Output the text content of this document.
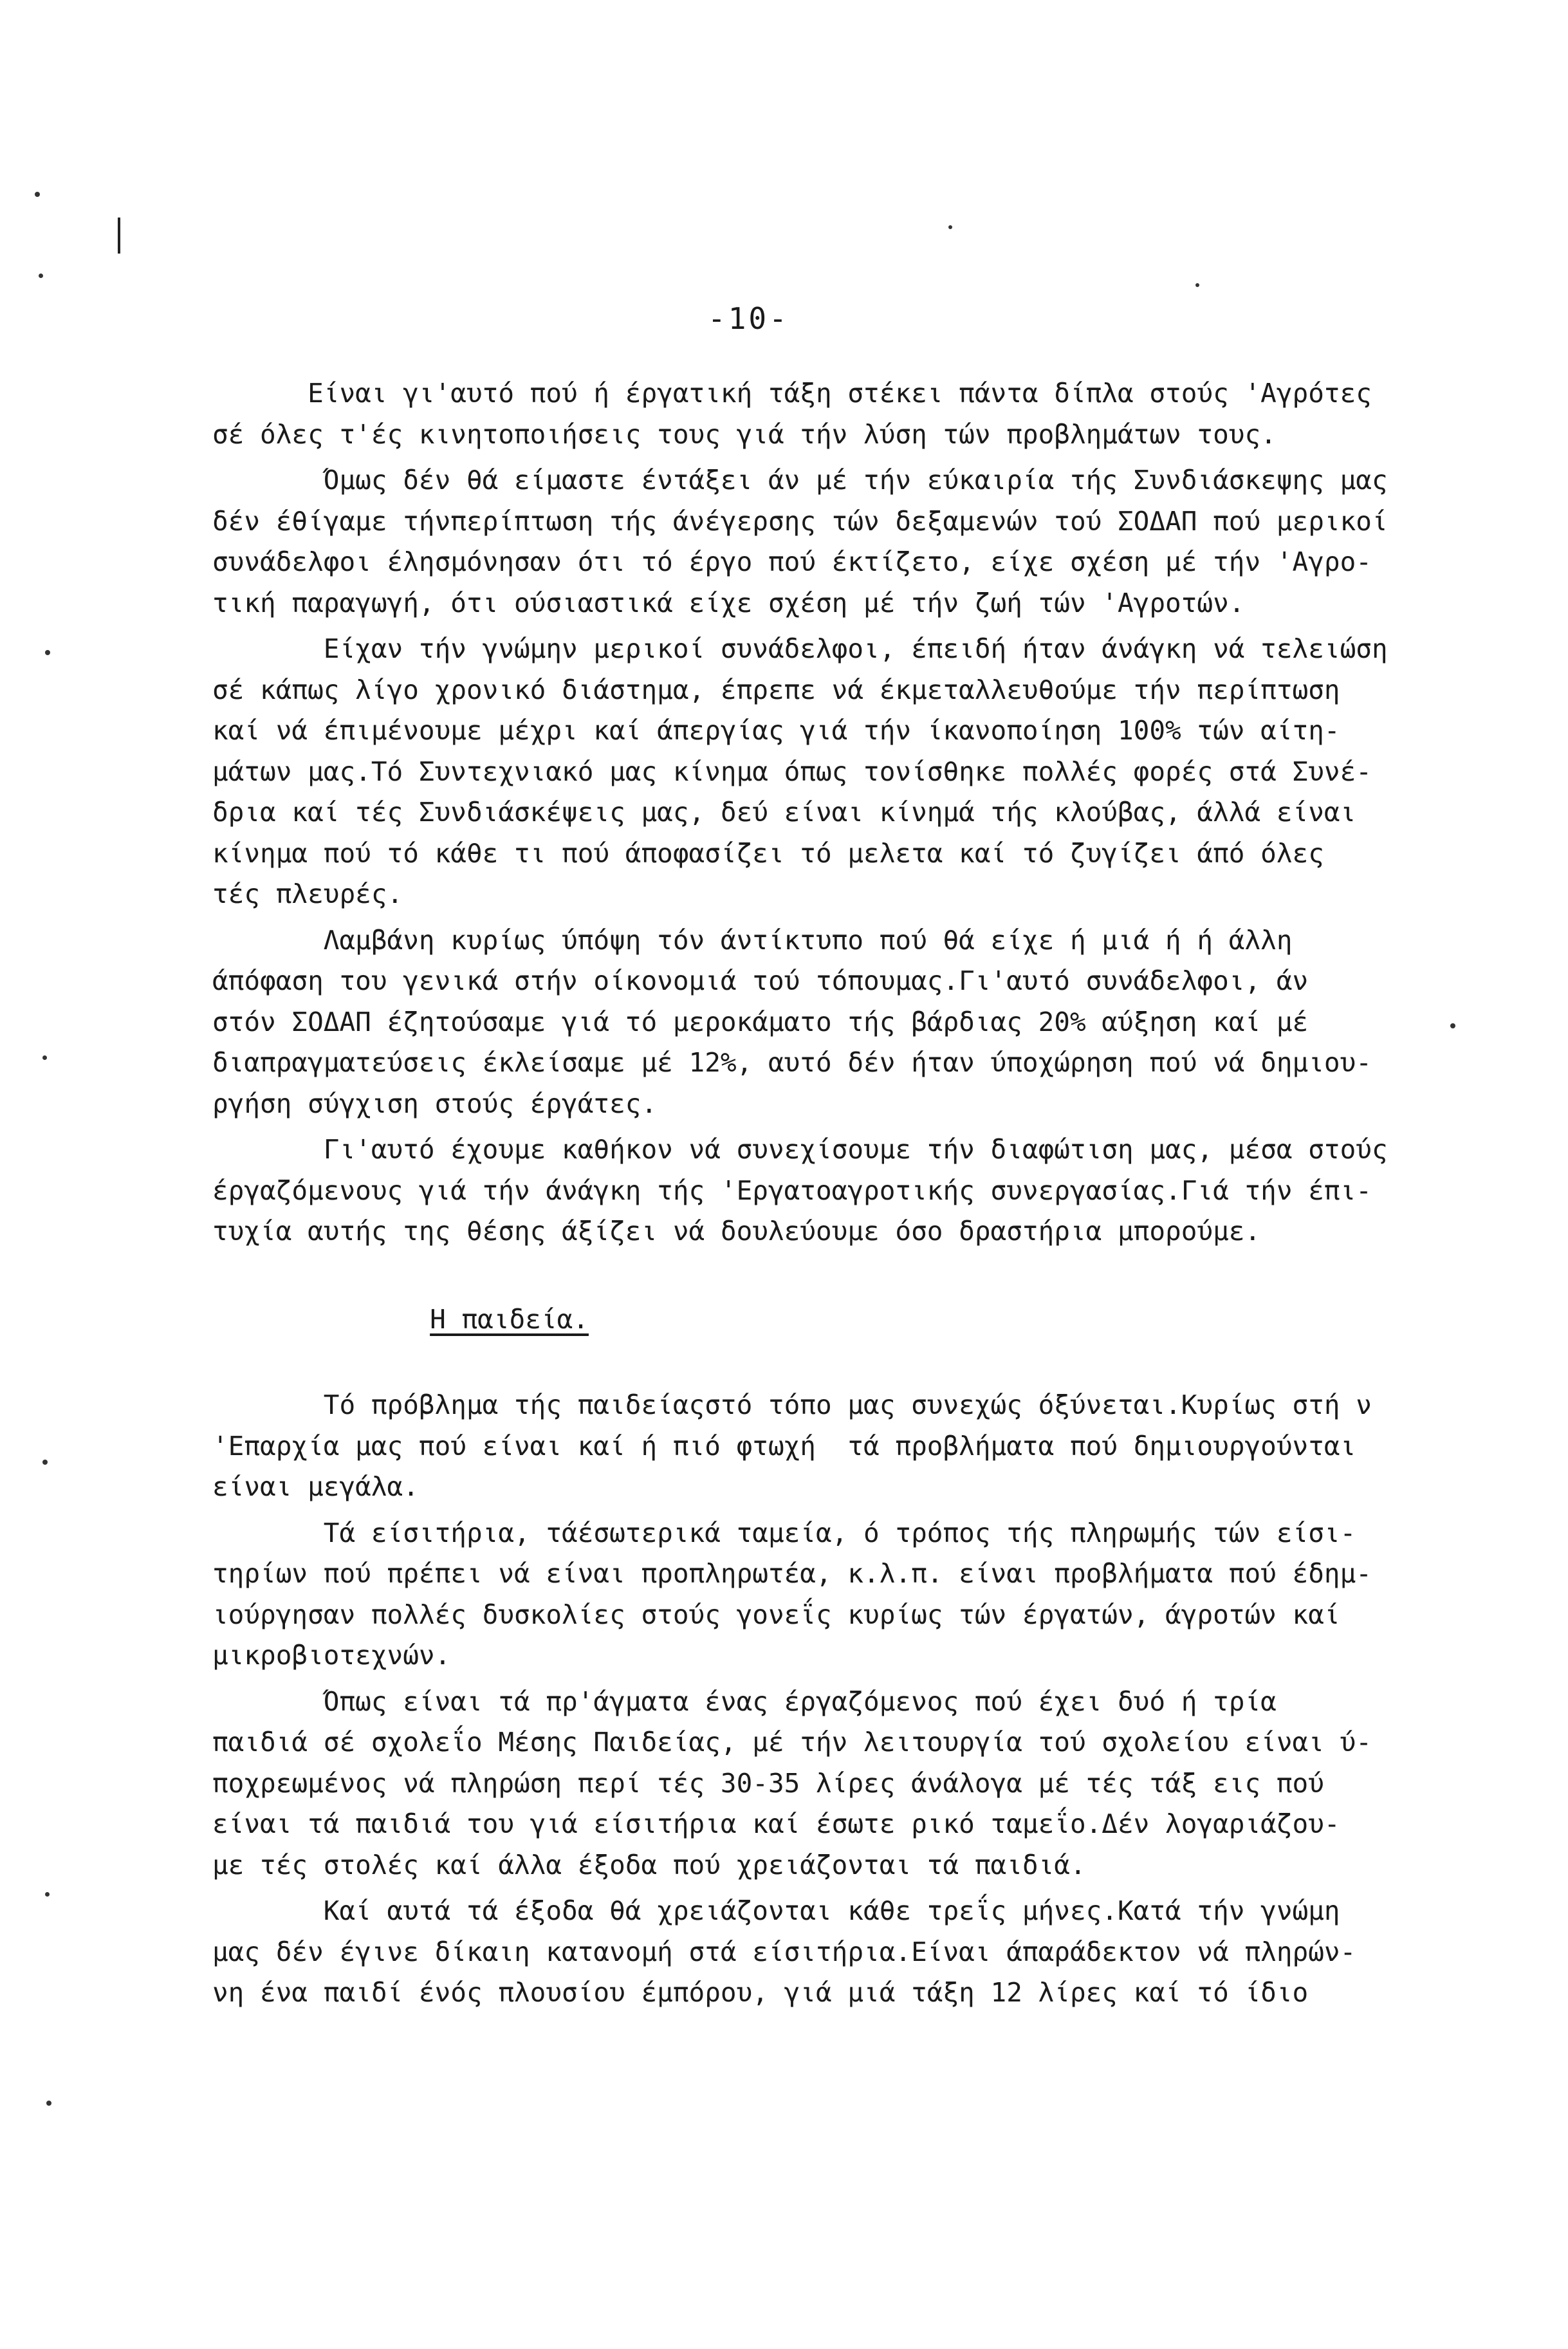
-10-
Είναι γι'αυτό πού ή έργατική τάξη στέκει πάντα δίπλα στούς 'Αγρότες
σέ όλες τ'ές κινητοποιήσεις τους γιά τήν λύση τών προβλημάτων τους.
Όμως δέν θά είμαστε έντάξει άν μέ τήν εύκαιρία τής Συνδιάσκεψης μας
δέν έθίγαμε τήνπερίπτωση τής άνέγερσης τών δεξαμενών τού ΣΟΔΑΠ πού μερικοί
συνάδελφοι έλησμόνησαν ότι τό έργο πού έκτίζετο, είχε σχέση μέ τήν 'Αγρο-
τική παραγωγή, ότι ούσιαστικά είχε σχέση μέ τήν ζωή τών 'Αγροτών.
Είχαν τήν γνώμην μερικοί συνάδελφοι, έπειδή ήταν άνάγκη νά τελειώση
σέ κάπως λίγο χρονικό διάστημα, έπρεπε νά έκμεταλλευθούμε τήν περίπτωση
καί νά έπιμένουμε μέχρι καί άπεργίας γιά τήν ίκανοποίηση 100% τών αίτη-
μάτων μας.Τό Συντεχνιακό μας κίνημα όπως τονίσθηκε πολλές φορές στά Συνέ-
δρια καί τές Συνδιάσκέψεις μας, δεύ είναι κίνημά τής κλούβας, άλλά είναι
κίνημα πού τό κάθε τι πού άποφασίζει τό μελετα καί τό ζυγίζει άπό όλες
τές πλευρές.
Λαμβάνη κυρίως ύπόψη τόν άντίκτυπο πού θά είχε ή μιά ή ή άλλη
άπόφαση του γενικά στήν οίκονομιά τού τόπουμας.Γι'αυτό συνάδελφοι, άν
στόν ΣΟΔΑΠ έζητούσαμε γιά τό μεροκάματο τής βάρδιας 20% αύξηση καί μέ
διαπραγματεύσεις έκλείσαμε μέ 12%, αυτό δέν ήταν ύποχώρηση πού νά δημιου-
ργήση σύγχιση στούς έργάτες.
Γι'αυτό έχουμε καθήκον νά συνεχίσουμε τήν διαφώτιση μας, μέσα στούς
έργαζόμενους γιά τήν άνάγκη τής 'Εργατοαγροτικής συνεργασίας.Γιά τήν έπι-
τυχία αυτής της θέσης άξίζει νά δουλεύουμε όσο δραστήρια μπορούμε.

Η παιδεία.

Τό πρόβλημα τής παιδείαςστό τόπο μας συνεχώς όξύνεται.Κυρίως στή ν
'Επαρχία μας πού είναι καί ή πιό φτωχή  τά προβλήματα πού δημιουργούνται
είναι μεγάλα.
Τά είσιτήρια, τάέσωτερικά ταμεία, ό τρόπος τής πληρωμής τών είσι-
τηρίων πού πρέπει νά είναι προπληρωτέα, κ.λ.π. είναι προβλήματα πού έδημ-
ιούργησαν πολλές δυσκολίες στούς γονεΐς κυρίως τών έργατών, άγροτών καί
μικροβιοτεχνών.
Όπως είναι τά πρ'άγματα ένας έργαζόμενος πού έχει δυό ή τρία
παιδιά σέ σχολεΐο Μέσης Παιδείας, μέ τήν λειτουργία τού σχολείου είναι ύ-
ποχρεωμένος νά πληρώση περί τές 30-35 λίρες άνάλογα μέ τές τάξ εις πού
είναι τά παιδιά του γιά είσιτήρια καί έσωτε ρικό ταμεΐο.Δέν λογαριάζου-
με τές στολές καί άλλα έξοδα πού χρειάζονται τά παιδιά.
Καί αυτά τά έξοδα θά χρειάζονται κάθε τρεΐς μήνες.Κατά τήν γνώμη
μας δέν έγινε δίκαιη κατανομή στά είσιτήρια.Είναι άπαράδεκτον νά πληρών-
νη ένα παιδί ένός πλουσίου έμπόρου, γιά μιά τάξη 12 λίρες καί τό ίδιο
